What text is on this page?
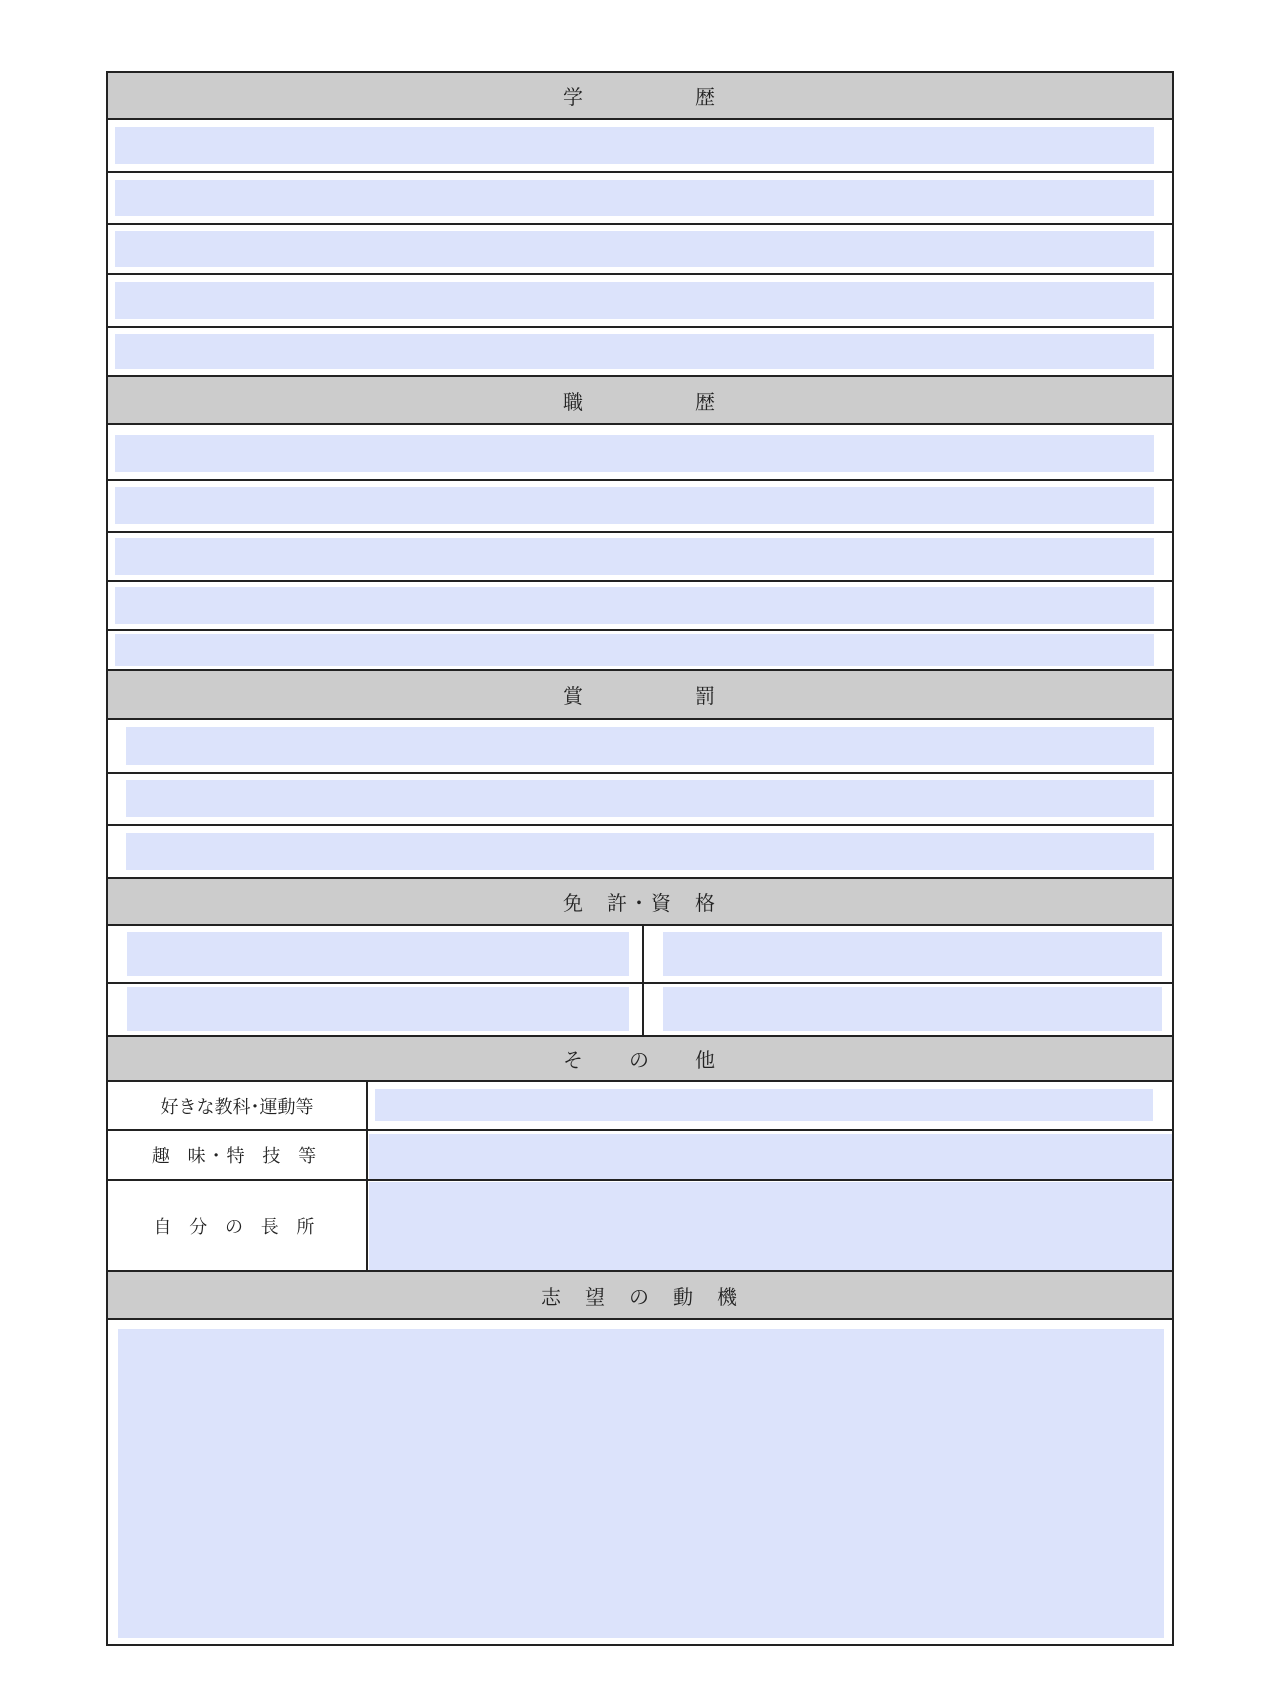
学　　　　　歴
職　　　　　歴
賞　　　　　罰
免　許・資　格
そ　　の　　他
好きな教科･運動等
趣 味･特 技 等
自 分 の 長 所
志　望　の　動　機
